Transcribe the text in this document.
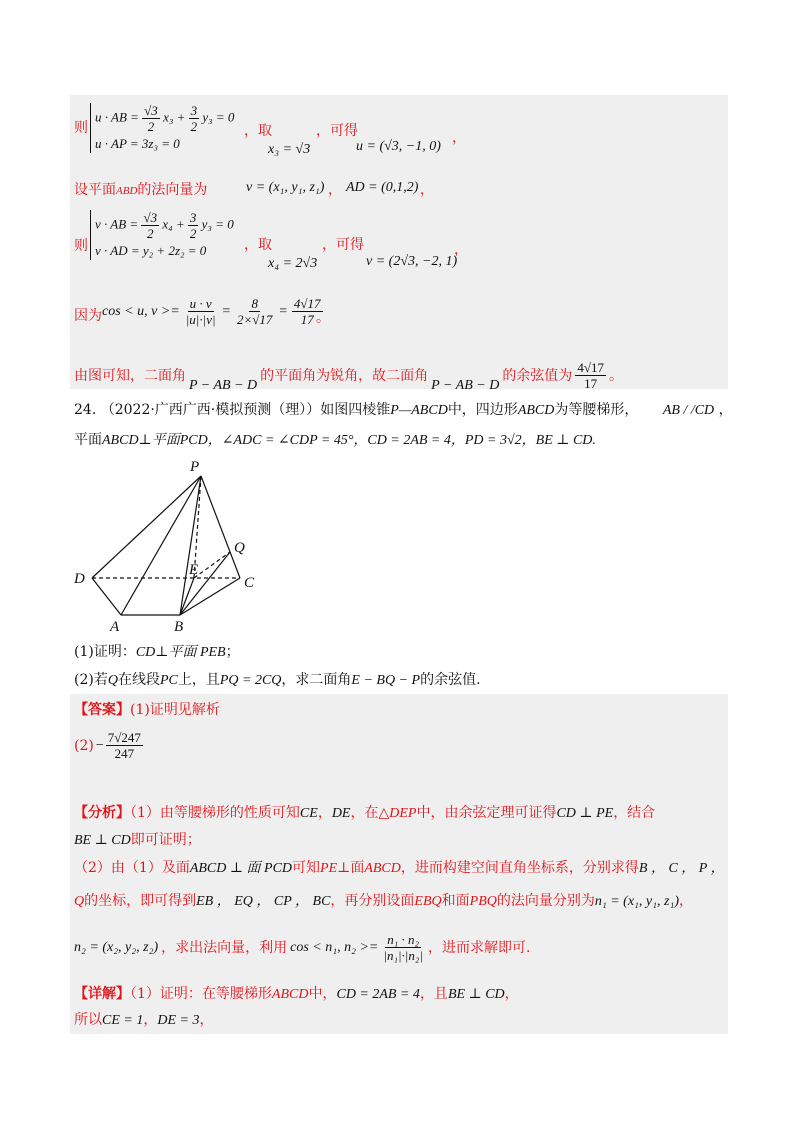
则
u · AB = $\frac{√3}{2} x_3 + \frac{3}{2} y_3 = 0$
u · AP = 3z₃ = 0
，取
x₃ = √3
，可得
u = (√3, −1, 0)
，
设平面ABD的法向量为	v = (x₁, y₁, z₁) ， AD = (0,1,2) ，
则
v · AB = $\frac{√3}{2} x_4 + \frac{3}{2} y_3 = 0$
v · AD = y₂ + 2z₂ = 0	，取
x₄ = 2√3
，可得
v = (2√3, −2, 1)
，
因为 cos < u, $v >= \frac{u \cdot v}{|u|\cdot|v|} = \frac{8}{2\times√17} = \frac{4√17}{17}$
。
由图可知，二面角
P − AB − D
的平面角为锐角，故二面角
P − AB − D
的余弦值为 $\frac{4√17}{17}$ 。
24. （2022·广西广西·模拟预测（理））如图四棱锥P—ABCD中，四边形ABCD为等腰梯形， AB / /CD ，
平面ABCD⊥平面PCD，∠ADC = ∠CDP = 45°，CD = 2AB = 4，PD = 3√2，BE ⊥ CD.
P
Q
D
E
C
A	B
(1)证明：CD⊥平面 PEB；
(2)若Q在线段PC上，且PQ = 2CQ，求二面角E − BQ − P的余弦值.
【答案】(1)证明见解析
$(2) - \frac{7√247}{247}$
【分析】（1）由等腰梯形的性质可知CE，DE，在△DEP中，由余弦定理可证得CD ⊥ PE，结合
BE ⊥ CD即可证明；
（2）由（1）及面ABCD ⊥ 面 PCD可知PE⊥面ABCD，进而构建空间直角坐标系，分别求得B ， C ， P ，
Q的坐标，即可得到EB ， EQ ， CP ， BC，再分别设面EBQ和面PBQ的法向量分别为n₁ = (x₁, y₁, z₁)，
n₂ = (x₂, y₂, z₂) ，求出法向量，利用 cos < n₁, $n_2 >= \frac{\text{n₁ · n₂}}{\text{|n₁|·|n₂|}}$ ，进而求解即可.
【详解】（1）证明：在等腰梯形ABCD中，CD = 2AB = 4，且BE ⊥ CD，
所以CE = 1，DE = 3，
